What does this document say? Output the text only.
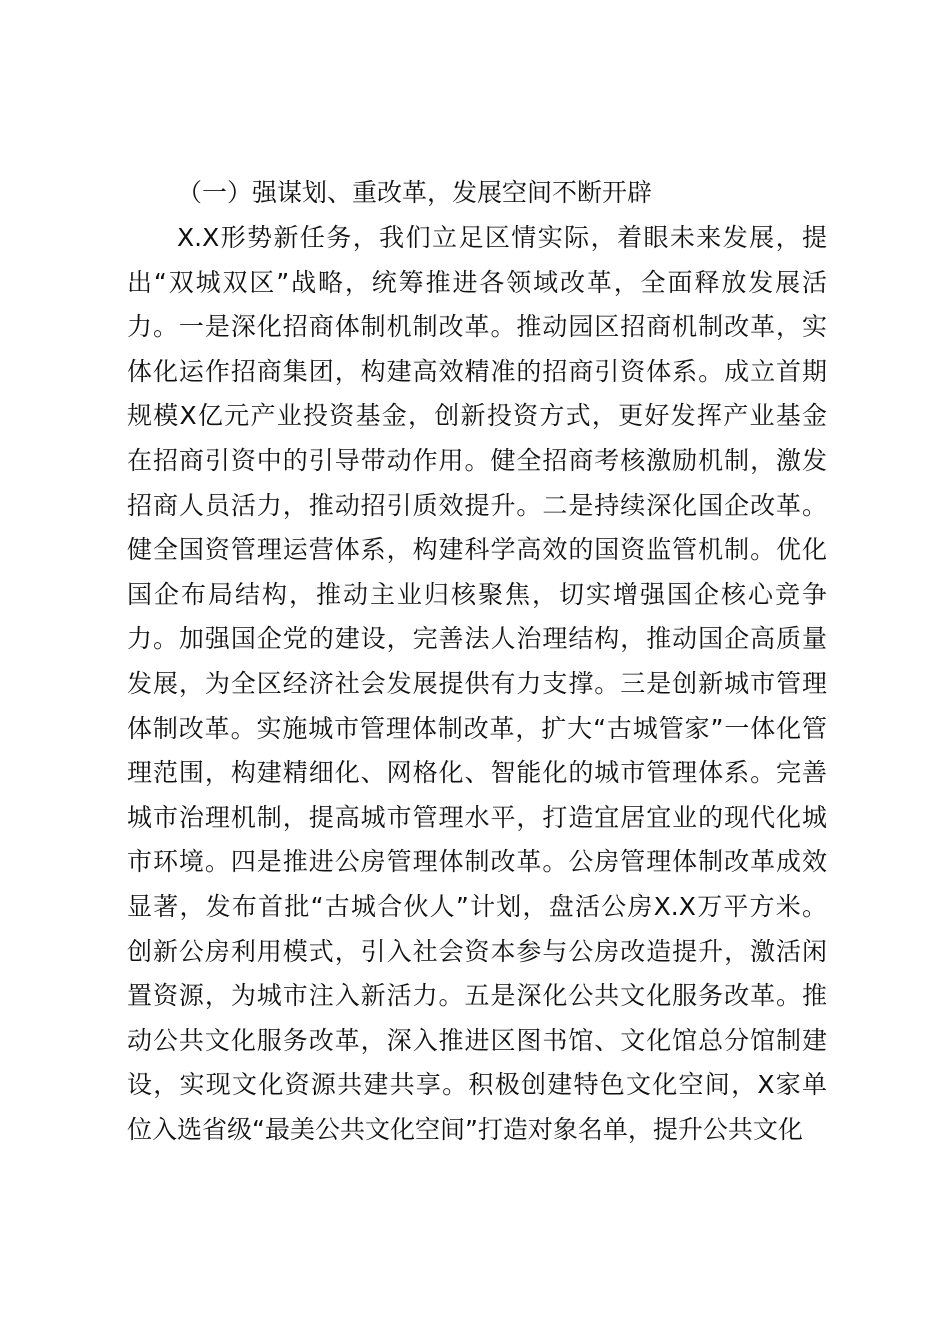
（一）强谋划、重改革，发展空间不断开辟
X.X形势新任务，我们立足区情实际，着眼未来发展，提
出“双城双区”战略，统筹推进各领域改革，全面释放发展活
力。一是深化招商体制机制改革。推动园区招商机制改革，实
体化运作招商集团，构建高效精准的招商引资体系。成立首期
规模X亿元产业投资基金，创新投资方式，更好发挥产业基金
在招商引资中的引导带动作用。健全招商考核激励机制，激发
招商人员活力，推动招引质效提升。二是持续深化国企改革。
健全国资管理运营体系，构建科学高效的国资监管机制。优化
国企布局结构，推动主业归核聚焦，切实增强国企核心竞争
力。加强国企党的建设，完善法人治理结构，推动国企高质量
发展，为全区经济社会发展提供有力支撑。三是创新城市管理
体制改革。实施城市管理体制改革，扩大“古城管家”一体化管
理范围，构建精细化、网格化、智能化的城市管理体系。完善
城市治理机制，提高城市管理水平，打造宜居宜业的现代化城
市环境。四是推进公房管理体制改革。公房管理体制改革成效
显著，发布首批“古城合伙人”计划，盘活公房X.X万平方米。
创新公房利用模式，引入社会资本参与公房改造提升，激活闲
置资源，为城市注入新活力。五是深化公共文化服务改革。推
动公共文化服务改革，深入推进区图书馆、文化馆总分馆制建
设，实现文化资源共建共享。积极创建特色文化空间，X家单
位入选省级“最美公共文化空间”打造对象名单，提升公共文化
